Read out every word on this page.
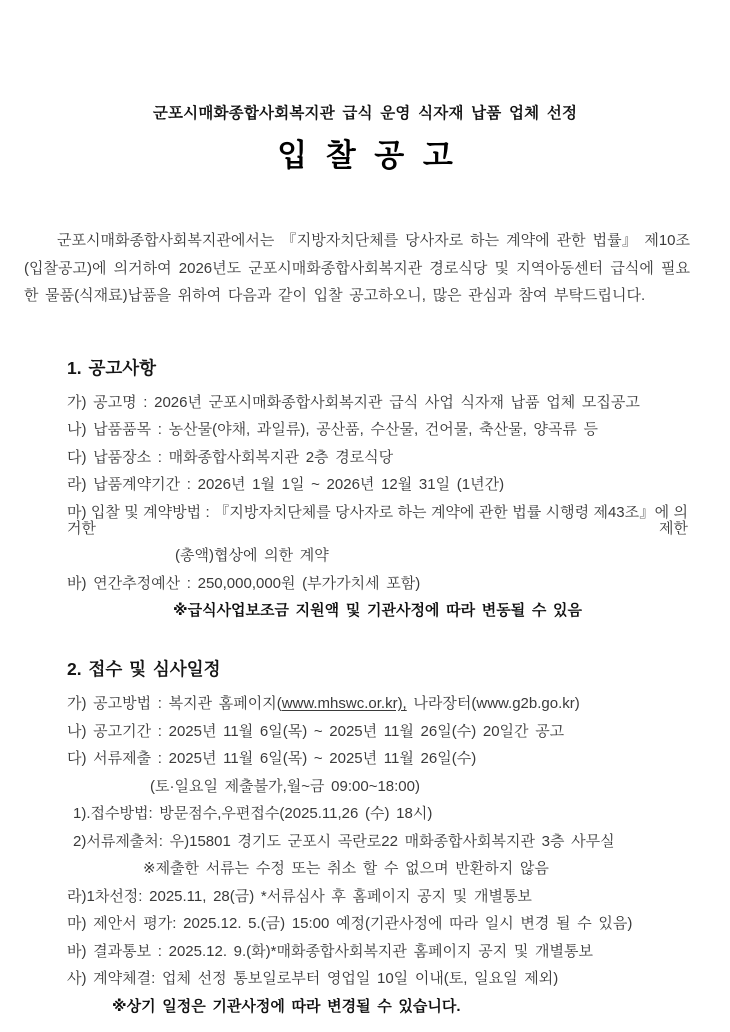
군포시매화종합사회복지관 급식 운영 식자재 납품 업체 선정

입 찰 공 고

군포시매화종합사회복지관에서는 『지방자치단체를 당사자로 하는 계약에 관한 법률』 제10조 (입찰공고)에 의거하여 2026년도 군포시매화종합사회복지관 경로식당 및 지역아동센터 급식에 필요한 물품(식재료)납품을 위하여 다음과 같이 입찰 공고하오니, 많은 관심과 참여 부탁드립니다.

1. 공고사항
가) 공고명 : 2026년 군포시매화종합사회복지관 급식 사업 식자재 납품 업체 모집공고
나) 납품품목 : 농산물(야채, 과일류), 공산품, 수산물, 건어물, 축산물, 양곡류 등
다) 납품장소 : 매화종합사회복지관 2층 경로식당
라) 납품계약기간 : 2026년 1월 1일 ~ 2026년 12월 31일 (1년간)
마) 입찰 및 계약방법 : 『지방자치단체를 당사자로 하는 계약에 관한 법률 시행령 제43조』에 의거한 제한
(총액)협상에 의한 계약
바) 연간추정예산 : 250,000,000원 (부가가치세 포함)
※급식사업보조금 지원액 및 기관사정에 따라 변동될 수 있음
2. 접수 및 심사일정
가) 공고방법 : 복지관 홈페이지(www.mhswc.or.kr), 나라장터(www.g2b.go.kr)
나) 공고기간 : 2025년 11월 6일(목) ~ 2025년 11월 26일(수) 20일간 공고
다) 서류제출 : 2025년 11월 6일(목) ~ 2025년 11월 26일(수)
(토·일요일 제출불가,월~금 09:00~18:00)
1).접수방법: 방문점수,우편접수(2025.11,26 (수) 18시)
2)서류제출처: 우)15801 경기도 군포시 곡란로22 매화종합사회복지관 3층 사무실
※제출한 서류는 수정 또는 취소 할 수 없으며 반환하지 않음
라)1차선정: 2025.11, 28(금) *서류심사 후 홈페이지 공지 및 개별통보
마) 제안서 평가: 2025.12. 5.(금) 15:00 예정(기관사정에 따라 일시 변경 될 수 있음)
바) 결과통보 : 2025.12. 9.(화)*매화종합사회복지관 홈페이지 공지 및 개별통보
사) 계약체결: 업체 선정 통보일로부터 영업일 10일 이내(토, 일요일 제외)
※상기 일정은 기관사정에 따라 변경될 수 있습니다.
